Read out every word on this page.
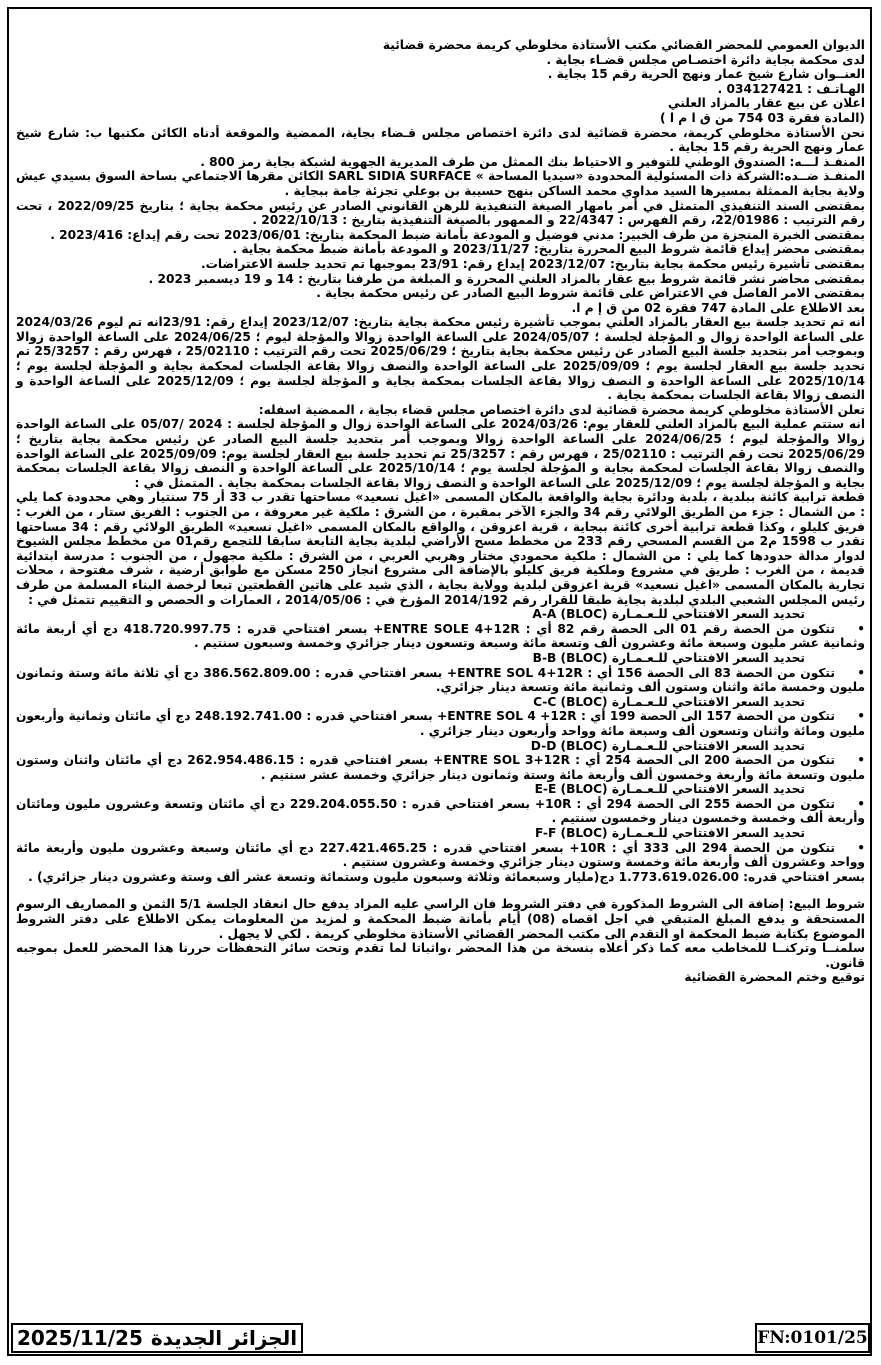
الديوان العمومي للمحضر القضائي مكتب الأستاذة مخلوطي كريمة محضرة قضائية

لدى محكمة بجاية دائرة اختصـاص مجلس قضـاء بجاية .

العنــوان شارع شيخ عمار ونهج الحرية رقم 15 بجاية .

الهـاتـف : 034127421 .

اعلان عن بيع عقار بالمزاد العلني

(المادة فقرة 03 754 من ق ا م ا )

نحن الأستاذة مخلوطي كريمة، محضرة قضائية لدى دائرة اختصاص مجلس قـضاء بجاية، الممضية والموقعة أدناه الكائن مكتبها ب: شارع شيخ عمار ونهج الحرية رقم 15 بجاية .

المنفـذ لـــه: الصندوق الوطني للتوفير و الاحتياط بنك الممثل من طرف المديرية الجهوية لشبكة بجاية رمز 800 .

المنفـذ ضــده:الشركة ذات المسئولية المحدودة «سيديا المساحة » SARL SIDIA SURFACE الكائن مقرها الاجتماعي بساحة السوق بسيدي عيش ولاية بجاية الممثلة بمسيرها السيد مداوي محمد الساكن بنهج حسيبة بن بوعلي تجزئة جامة ببجاية .

بمقتضى السند التنفيذي المتمثل في أمر بامهار الصيغة التنفيذية للرهن القانوني الصادر عن رئيس محكمة بجاية ؛ بتاريخ 2022/09/25 ، تحت رقم الترتيب : 22/01986، رقم الفهرس : 22/4347 و الممهور بالصيغة التنفيذية بتاريخ : 2022/10/13 .

بمقتضى الخبرة المنجزة من طرف الخبير: مدني فوضيل و المودعة بأمانة ضبط المحكمة بتاريخ: 2023/06/01 تحت رقم إيداع: 2023/416 .

بمقتضى محضر إيداع قائمة شروط البيع المحررة بتاريخ: 2023/11/27 و المودعة بأمانة ضبط محكمة بجاية .

بمقتضى تأشيرة رئيس محكمة بجاية بتاريخ: 2023/12/07 إيداع رقم: 23/91 بموجبها تم تحديد جلسة الاعتراضات.

بمقتضى محاضر نشر قائمة شروط بيع عقار بالمزاد العلني المحررة و المبلغة من طرفنا بتاريخ : 14 و 19 ديسمبر 2023 .

بمقتضى الامر الفاصل في الاعتراض على قائمة شروط البيع الصادر عن رئيس محكمة بجاية .

بعد الاطلاع على المادة 747 فقرة 02 من ق إ م ا.

انه تم تحديد جلسة بيع العقار بالمزاد العلني بموجب تأشيرة رئيس محكمة بجاية بتاريخ: 2023/12/07 إيداع رقم: 23/91انه تم ليوم 2024/03/26 على الساعة الواحدة زوال و المؤجلة لجلسة ؛ 2024/05/07 على الساعة الواحدة زوالا والمؤجلة ليوم ؛ 2024/06/25 على الساعة الواحدة زوالا وبموجب أمر بتحديد جلسة البيع الصادر عن رئيس محكمة بجاية بتاريخ ؛ 2025/06/29 تحت رقم الترتيب : 25/02110 ، فهرس رقم : 25/3257 تم تحديد جلسة بيع العقار لجلسة يوم ؛ 2025/09/09 على الساعة الواحدة والنصف زوالا بقاعة الجلسات لمحكمة بجاية و المؤجلة لجلسة يوم ؛ 2025/10/14 على الساعة الواحدة و النصف زوالا بقاعة الجلسات بمحكمة بجاية و المؤجلة لجلسة يوم ؛ 2025/12/09 على الساعة الواحدة و النصف زوالا بقاعة الجلسات بمحكمة بجاية .

تعلن الأستاذة مخلوطي كريمة محضرة قضائية لدى دائرة اختصاص مجلس قضاء بجاية ، الممضية اسفله:

انه ستتم عملية البيع بالمزاد العلني للعقار يوم: 2024/03/26 على الساعة الواحدة زوال و المؤجلة لجلسة : 2024 /05/07 على الساعة الواحدة زوالا والمؤجلة ليوم ؛ 2024/06/25 على الساعة الواحدة زوالا وبموجب أمر بتحديد جلسة البيع الصادر عن رئيس محكمة بجاية بتاريخ ؛ 2025/06/29 تحت رقم الترتيب : 25/02110 ، فهرس رقم : 25/3257 تم تحديد جلسة بيع العقار لجلسة يوم: 2025/09/09 على الساعة الواحدة والنصف زوالا بقاعة الجلسات لمحكمة بجاية و المؤجلة لجلسة يوم ؛ 2025/10/14 على الساعة الواحدة و النصف زوالا بقاعة الجلسات بمحكمة بجاية و المؤجلة لجلسة يوم ؛ 2025/12/09 على الساعة الواحدة و النصف زوالا بقاعة الجلسات بمحكمة بجاية . المتمثل في :

قطعة ترابية كائنة ببلدية ، بلدية ودائرة بجاية والواقعة بالمكان المسمى «اغيل نسعيد» مساحتها تقدر ب 33 أر 75 سنتيار وهي محدودة كما يلي : من الشمال : جزء من الطريق الولائي رقم 34 والجزء الآخر بمقبرة ، من الشرق : ملكية غير معروفة ، من الجنوب : الفريق ستار ، من الغرب : فريق كليلو ، وكذا قطعة ترابية أخرى كائنة ببجاية ، قرية اعزوقن ، والواقع بالمكان المسمى «اغيل نسعيد» الطريق الولائي رقم : 34 مساحتها تقدر ب 1598 م2 من القسم المسحي رقم 233 من مخطط مسح الأراضي لبلدية بجاية التابعة سابقا للتجمع رقم01 من مخطط مجلس الشيوخ لدوار مدالة حدودها كما يلي : من الشمال : ملكية محمودي مختار وهربي العربي ، من الشرق : ملكية مجهول ، من الجنوب : مدرسة ابتدائية قديمة ، من الغرب : طريق في مشروع وملكية فريق كليلو بالإضافة الى مشروع انجاز 250 مسكن مع طوابق أرضية ، شرف مفتوحة ، محلات تجارية بالمكان المسمى «اغيل نسعيد» قرية اعزوقن لبلدية وولاية بجاية ، الذي شيد على هاتين القطعتين تبعا لرخصة البناء المسلمة من طرف رئيس المجلس الشعبي البلدي لبلدية بجاية طبقا للقرار رقم 2014/192 المؤرخ في : 2014/05/06 ، العمارات و الحصص و التقييم تتمثل في :

تحديد السعر الافتتاحي للـعـمـارة A-A (BLOC)

•تتكون من الحصة رقم 01 الى الحصة رقم 82 أي : ENTRE SOLE 4+12R+ بسعر افتتاحي قدره : 418.720.997.75 دج أي أربعة مائة وثمانية عشر مليون وسبعة مائة وعشرون ألف وتسعة مائة وسبعة وتسعون دينار جزائري وخمسة وسبعون سنتيم .

تحديد السعر الافتتاحي للـعـمـارة B-B (BLOC)

•تتكون من الحصة 83 الى الحصة 156 أي : ENTRE SOL 4+12R+ بسعر افتتاحي قدره : 386.562.809.00 دج أي ثلاثة مائة وستة وثمانون مليون وخمسة مائة واثنان وستون ألف وثمانية مائة وتسعة دينار جزائري.

تحديد السعر الافتتاحي للـعـمـارة C-C (BLOC)

•تتكون من الحصة 157 الى الحصة 199 أي : ENTRE SOL 4 +12R+ بسعر افتتاحي قدره : 248.192.741.00 دج أي مائتان وثمانية وأربعون مليون ومائة واثنان وتسعون ألف وسبعة مائة وواحد وأربعون دينار جزائري .

تحديد السعر الافتتاحي للـعـمـارة D-D (BLOC)

•تتكون من الحصة 200 الى الحصة 254 أي : ENTRE SOL 3+12R+ بسعر افتتاحي قدره : 262.954.486.15 دج أي مائتان واثنان وستون مليون وتسعة مائة وأربعة وخمسون ألف وأربعة مائة وستة وثمانون دينار جزائري وخمسة عشر سنتيم .

تحديد السعر الافتتاحي للـعـمـارة E-E (BLOC)

•تتكون من الحصة 255 الى الحصة 294 أي : 10R+ بسعر افتتاحي قدره : 229.204.055.50 دج أي مائتان وتسعة وعشرون مليون ومائتان وأربعة ألف وخمسة وخمسون دينار وخمسون سنتيم .

تحديد السعر الافتتاحي للـعـمـارة F-F (BLOC)

•تتكون من الحصة 294 الى 333 أي : 10R+ بسعر افتتاحي قدره : 227.421.465.25 دج أي مائتان وسبعة وعشرون مليون وأربعة مائة وواحد وعشرون ألف وأربعة مائة وخمسة وستون دينار جزائري وخمسة وعشرون سنتيم .

بسعر افتتاحي قدره: 1.773.619.026.00 دج(مليار وسبعمائة وثلاثة وسبعون مليون وستمائة وتسعة عشر ألف وستة وعشرون دينار جزائري) .

شروط البيع: إضافة الى الشروط المذكورة في دفتر الشروط فان الراسي عليه المزاد يدفع حال انعقاد الجلسة 5/1 الثمن و المصاريف الرسوم المستحقة و يدفع المبلغ المتبقي في اجل اقصاه (08) أيام بأمانة ضبط المحكمة و لمزيد من المعلومات يمكن الاطلاع على دفتر الشروط الموضوع بكتابة ضبط المحكمة او التقدم الى مكتب المحضر القضائي الأستاذة مخلوطي كريمة . لكي لا يجهل .

سلمنــا وتركنــا للمخاطب معه كما ذكر أعلاه بنسخة من هذا المحضر ،واثباتا لما تقدم وتحت سائر التحفظات حررنا هذا المحضر للعمل بموجبه قانون.

توقيع وختم المحضرة القضائية

الجزائر الجديدة
2025/11/25	FN:0101/25
